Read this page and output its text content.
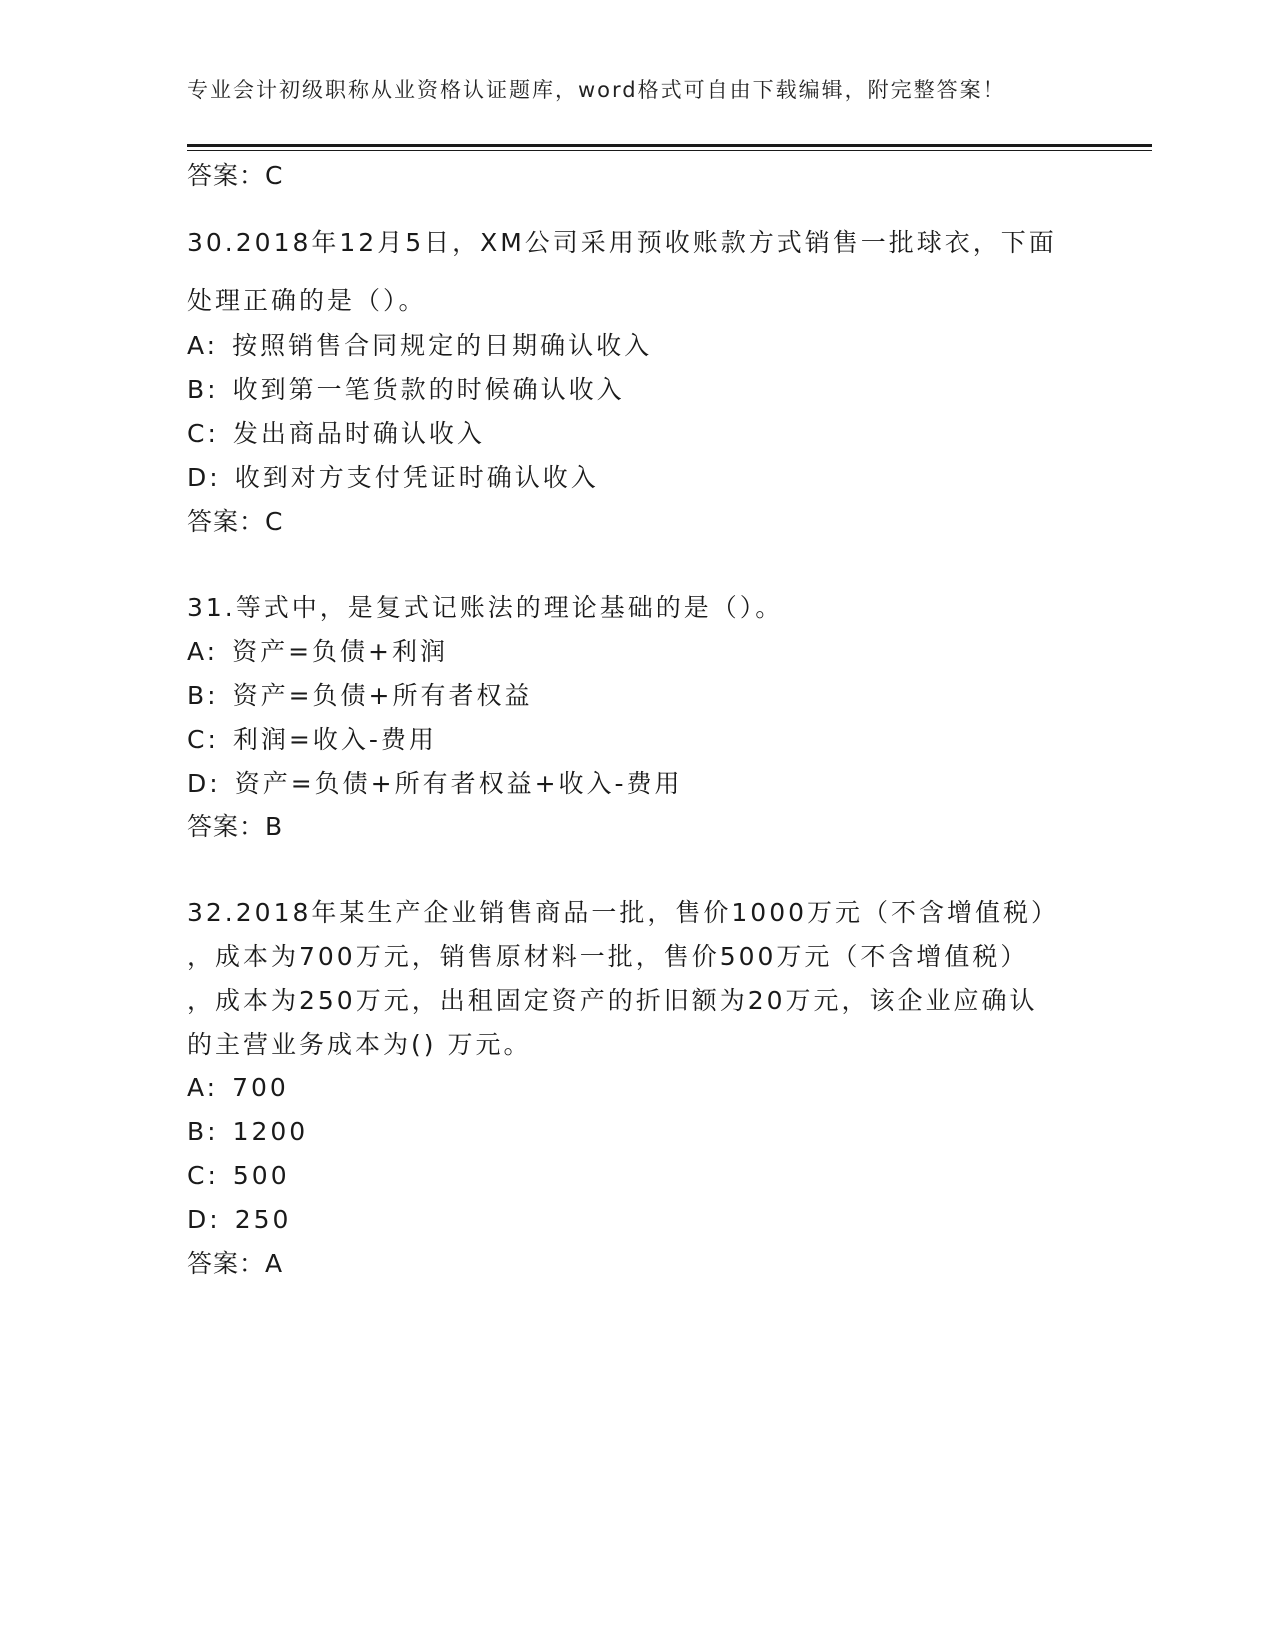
专业会计初级职称从业资格认证题库，word格式可自由下载编辑，附完整答案！
答案：C
30.2018年12月5日，XM公司采用预收账款方式销售一批球衣，下面
处理正确的是（）。
A: 按照销售合同规定的日期确认收入
B: 收到第一笔货款的时候确认收入
C: 发出商品时确认收入
D: 收到对方支付凭证时确认收入
答案：C
31.等式中，是复式记账法的理论基础的是（）。
A: 资产=负债+利润
B: 资产=负债+所有者权益
C: 利润=收入-费用
D: 资产=负债+所有者权益+收入-费用
答案：B
32.2018年某生产企业销售商品一批，售价1000万元（不含增值税）
，成本为700万元，销售原材料一批，售价500万元（不含增值税）
，成本为250万元，出租固定资产的折旧额为20万元，该企业应确认
的主营业务成本为() 万元。
A: 700
B: 1200
C: 500
D: 250
答案：A
